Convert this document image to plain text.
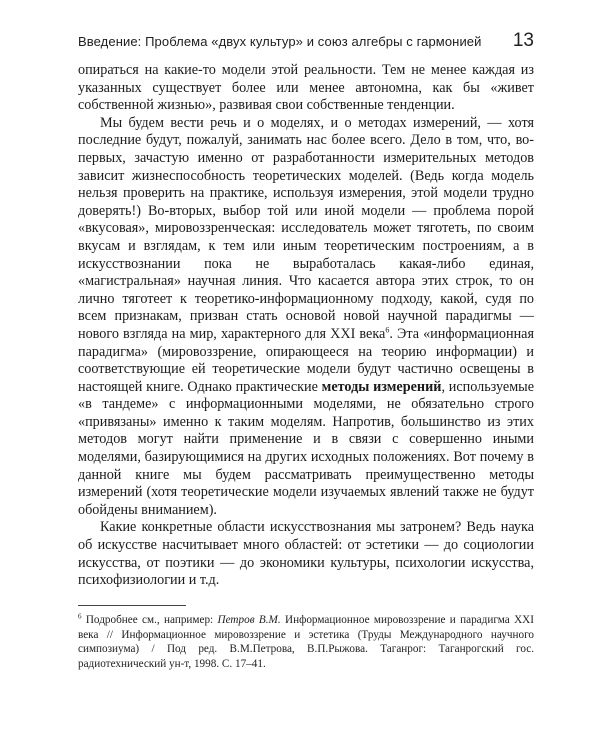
Введение: Проблема «двух культур» и союз алгебры с гармонией 13

опираться на какие-то модели этой реальности. Тем не менее каждая из указанных существует более или менее автономна, как бы «живет собственной жизнью», развивая свои собственные тенденции.

Мы будем вести речь и о моделях, и о методах измерений, — хотя последние будут, пожалуй, занимать нас более всего. Дело в том, что, во-первых, зачастую именно от разработанности измерительных методов зависит жизнеспособность теоретических моделей. (Ведь когда модель нельзя проверить на практике, используя измерения, этой модели трудно доверять!) Во-вторых, выбор той или иной модели — проблема порой «вкусовая», мировоззренческая: исследователь может тяготеть, по своим вкусам и взглядам, к тем или иным теоретическим построениям, а в искусствознании пока не выработалась какая-либо единая, «магистральная» научная линия. Что касается автора этих строк, то он лично тяготеет к теоретико-информационному подходу, какой, судя по всем признакам, призван стать основой новой научной парадигмы — нового взгляда на мир, характерного для XXI века$^6$. Эта «информационная парадигма» (мировоззрение, опирающееся на теорию информации) и соответствующие ей теоретические модели будут частично освещены в настоящей книге. Однако практические методы измерений, используемые «в тандеме» с информационными моделями, не обязательно строго «привязаны» именно к таким моделям. Напротив, большинство из этих методов могут найти применение и в связи с совершенно иными моделями, базирующимися на других исходных положениях. Вот почему в данной книге мы будем рассматривать преимущественно методы измерений (хотя теоретические модели изучаемых явлений также не будут обойдены вниманием).

Какие конкретные области искусствознания мы затронем? Ведь наука об искусстве насчитывает много областей: от эстетики — до социологии искусства, от поэтики — до экономики культуры, психологии искусства, психофизиологии и т.д.

$^6$ Подробнее см., например: Петров В.М. Информационное мировоззрение и парадигма XXI века // Информационное мировоззрение и эстетика (Труды Международного научного симпозиума) / Под ред. В.М.Петрова, В.П.Рыжова. Таганрог: Таганрогский гос. радиотехнический ун-т, 1998. С. 17–41.
